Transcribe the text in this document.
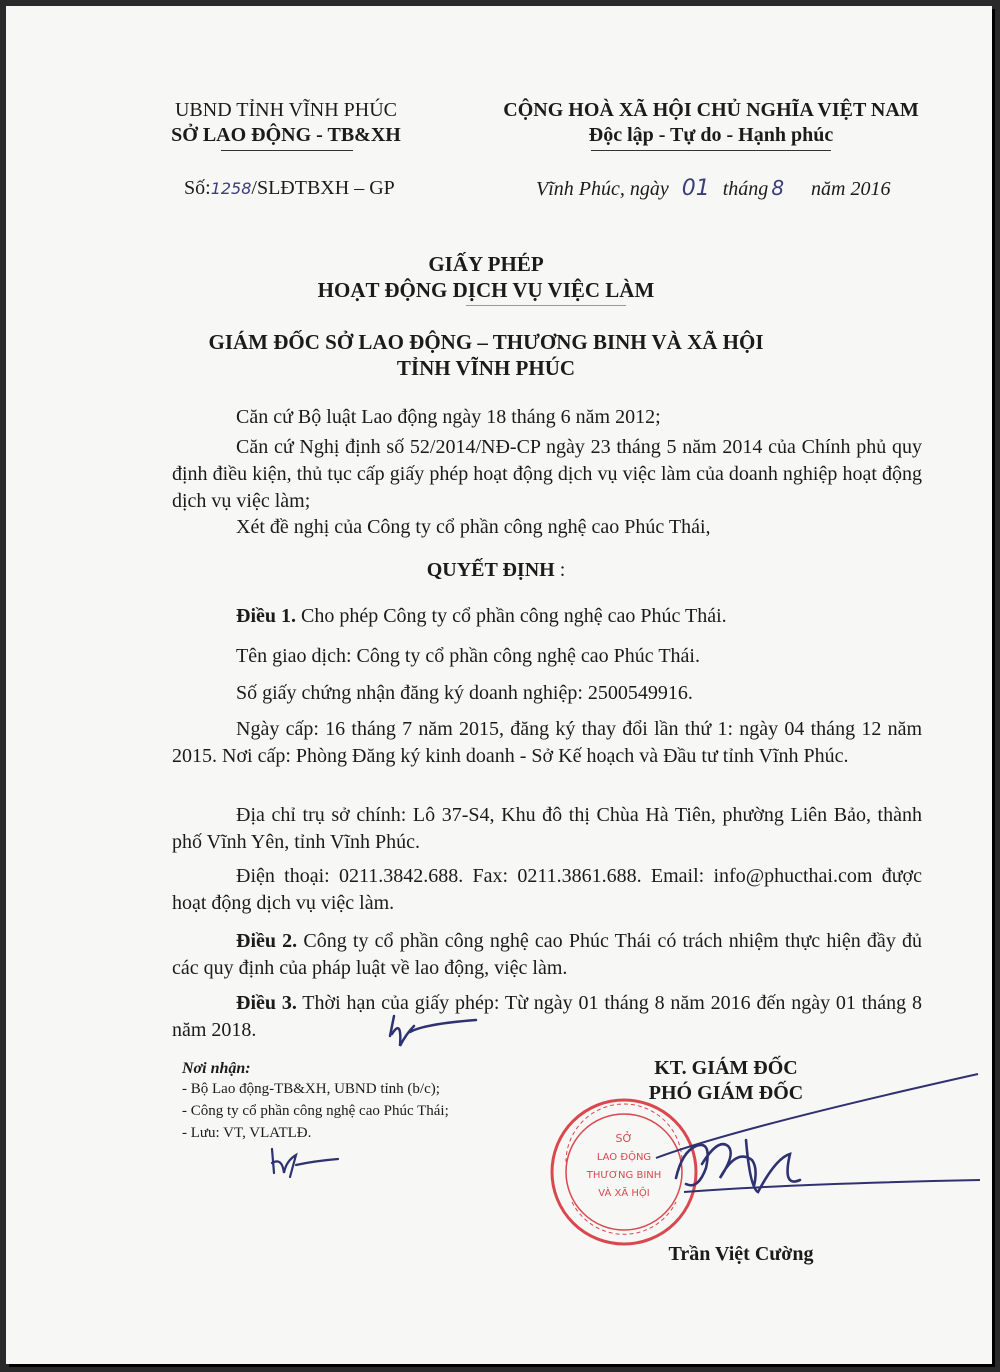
UBND TỈNH VĨNH PHÚC
SỞ LAO ĐỘNG - TB&XH
CỘNG HOÀ XÃ HỘI CHỦ NGHĨA VIỆT NAM
Độc lập - Tự do - Hạnh phúc
Số:1258/SLĐTBXH – GP	Vĩnh Phúc, ngày 01 tháng 8 năm 2016
GIẤY PHÉP
HOẠT ĐỘNG DỊCH VỤ VIỆC LÀM
GIÁM ĐỐC SỞ LAO ĐỘNG – THƯƠNG BINH VÀ XÃ HỘI
TỈNH VĨNH PHÚC
Căn cứ Bộ luật Lao động ngày 18 tháng 6 năm 2012;
Căn cứ Nghị định số 52/2014/NĐ-CP ngày 23 tháng 5 năm 2014 của Chính phủ quy định điều kiện, thủ tục cấp giấy phép hoạt động dịch vụ việc làm của doanh nghiệp hoạt động dịch vụ việc làm;
Xét đề nghị của Công ty cổ phần công nghệ cao Phúc Thái,
QUYẾT ĐỊNH :
Điều 1. Cho phép Công ty cổ phần công nghệ cao Phúc Thái.
Tên giao dịch: Công ty cổ phần công nghệ cao Phúc Thái.
Số giấy chứng nhận đăng ký doanh nghiệp: 2500549916.
Ngày cấp: 16 tháng 7 năm 2015, đăng ký thay đổi lần thứ 1: ngày 04 tháng 12 năm 2015. Nơi cấp: Phòng Đăng ký kinh doanh - Sở Kế hoạch và Đầu tư tỉnh Vĩnh Phúc.
Địa chỉ trụ sở chính: Lô 37-S4, Khu đô thị Chùa Hà Tiên, phường Liên Bảo, thành phố Vĩnh Yên, tỉnh Vĩnh Phúc.
Điện thoại: 0211.3842.688. Fax: 0211.3861.688. Email: info@phucthai.com được hoạt động dịch vụ việc làm.
Điều 2. Công ty cổ phần công nghệ cao Phúc Thái có trách nhiệm thực hiện đầy đủ các quy định của pháp luật về lao động, việc làm.
Điều 3. Thời hạn của giấy phép: Từ ngày 01 tháng 8 năm 2016 đến ngày 01 tháng 8 năm 2018.
Nơi nhận:
- Bộ Lao động-TB&XH, UBND tỉnh (b/c);
- Công ty cổ phần công nghệ cao Phúc Thái;
- Lưu: VT, VLATLĐ.
KT. GIÁM ĐỐC
PHÓ GIÁM ĐỐC
SỞ
LAO ĐỘNG
THƯƠNG BINH
VÀ XÃ HỘI
Trần Việt Cường
